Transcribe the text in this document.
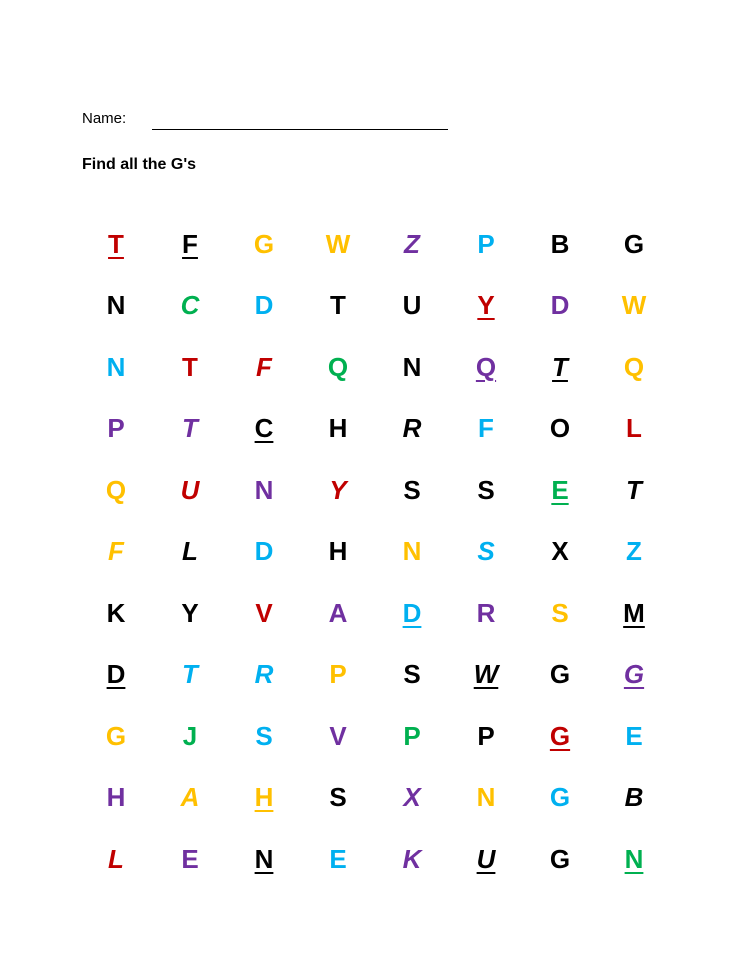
Name:
Find all the G's
T	F	G	W	Z	P	B	G
N	C	D	T	U	Y	D	W
N	T	F	Q	N	Q	T	Q
P	T	C	H	R	F	O	L
Q	U	N	Y	S	S	E	T
F	L	D	H	N	S	X	Z
K	Y	V	A	D	R	S	M
D	T	R	P	S	W	G	G
G	J	S	V	P	P	G	E
H	A	H	S	X	N	G	B
L	E	N	E	K	U	G	N
